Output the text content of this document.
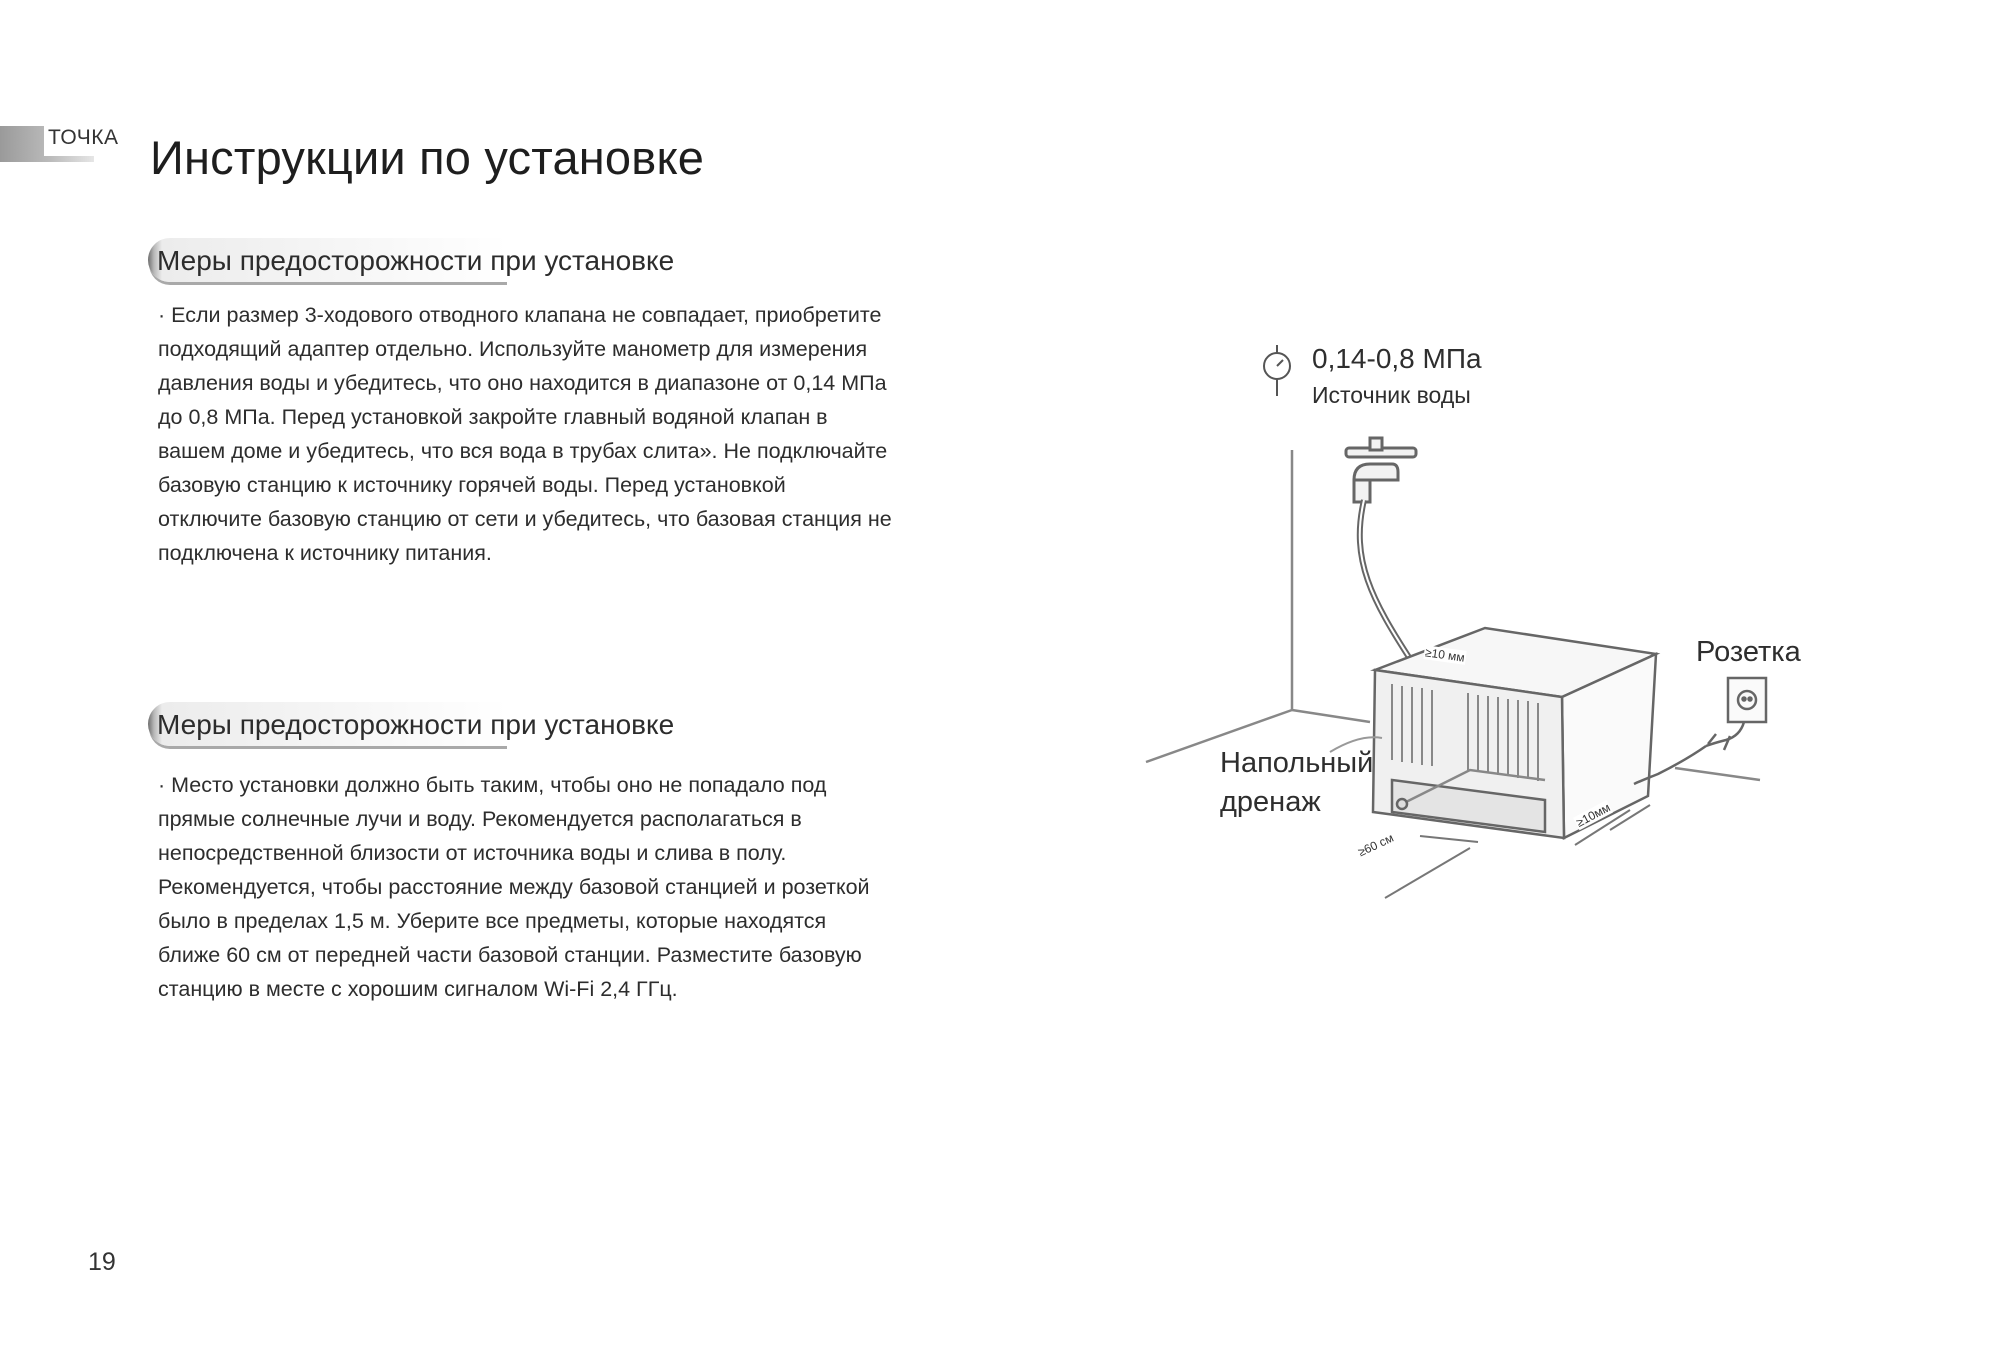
ТОЧКА Инструкции по установке
Меры предосторожности при установке

· Если размер 3-ходового отводного клапана не совпадает, приобретите
подходящий адаптер отдельно. Используйте манометр для измерения
давления воды и убедитесь, что оно находится в диапазоне от 0,14 МПа
до 0,8 МПа. Перед установкой закройте главный водяной клапан в
вашем доме и убедитесь, что вся вода в трубах слита». Не подключайте
базовую станцию к источнику горячей воды. Перед установкой
отключите базовую станцию от сети и убедитесь, что базовая станция не
подключена к источнику питания.

Меры предосторожности при установке

· Место установки должно быть таким, чтобы оно не попадало под
прямые солнечные лучи и воду. Рекомендуется располагаться в
непосредственной близости от источника воды и слива в полу.
Рекомендуется, чтобы расстояние между базовой станцией и розеткой
было в пределах 1,5 м. Уберите все предметы, которые находятся
ближе 60 см от передней части базовой станции. Разместите базовую
станцию в месте с хорошим сигналом Wi-Fi 2,4 ГГц.

0,14-0,8 МПа
Источник воды
Розетка
Напольный дренаж
≥10 мм
≥10мм
≥60 см
19
